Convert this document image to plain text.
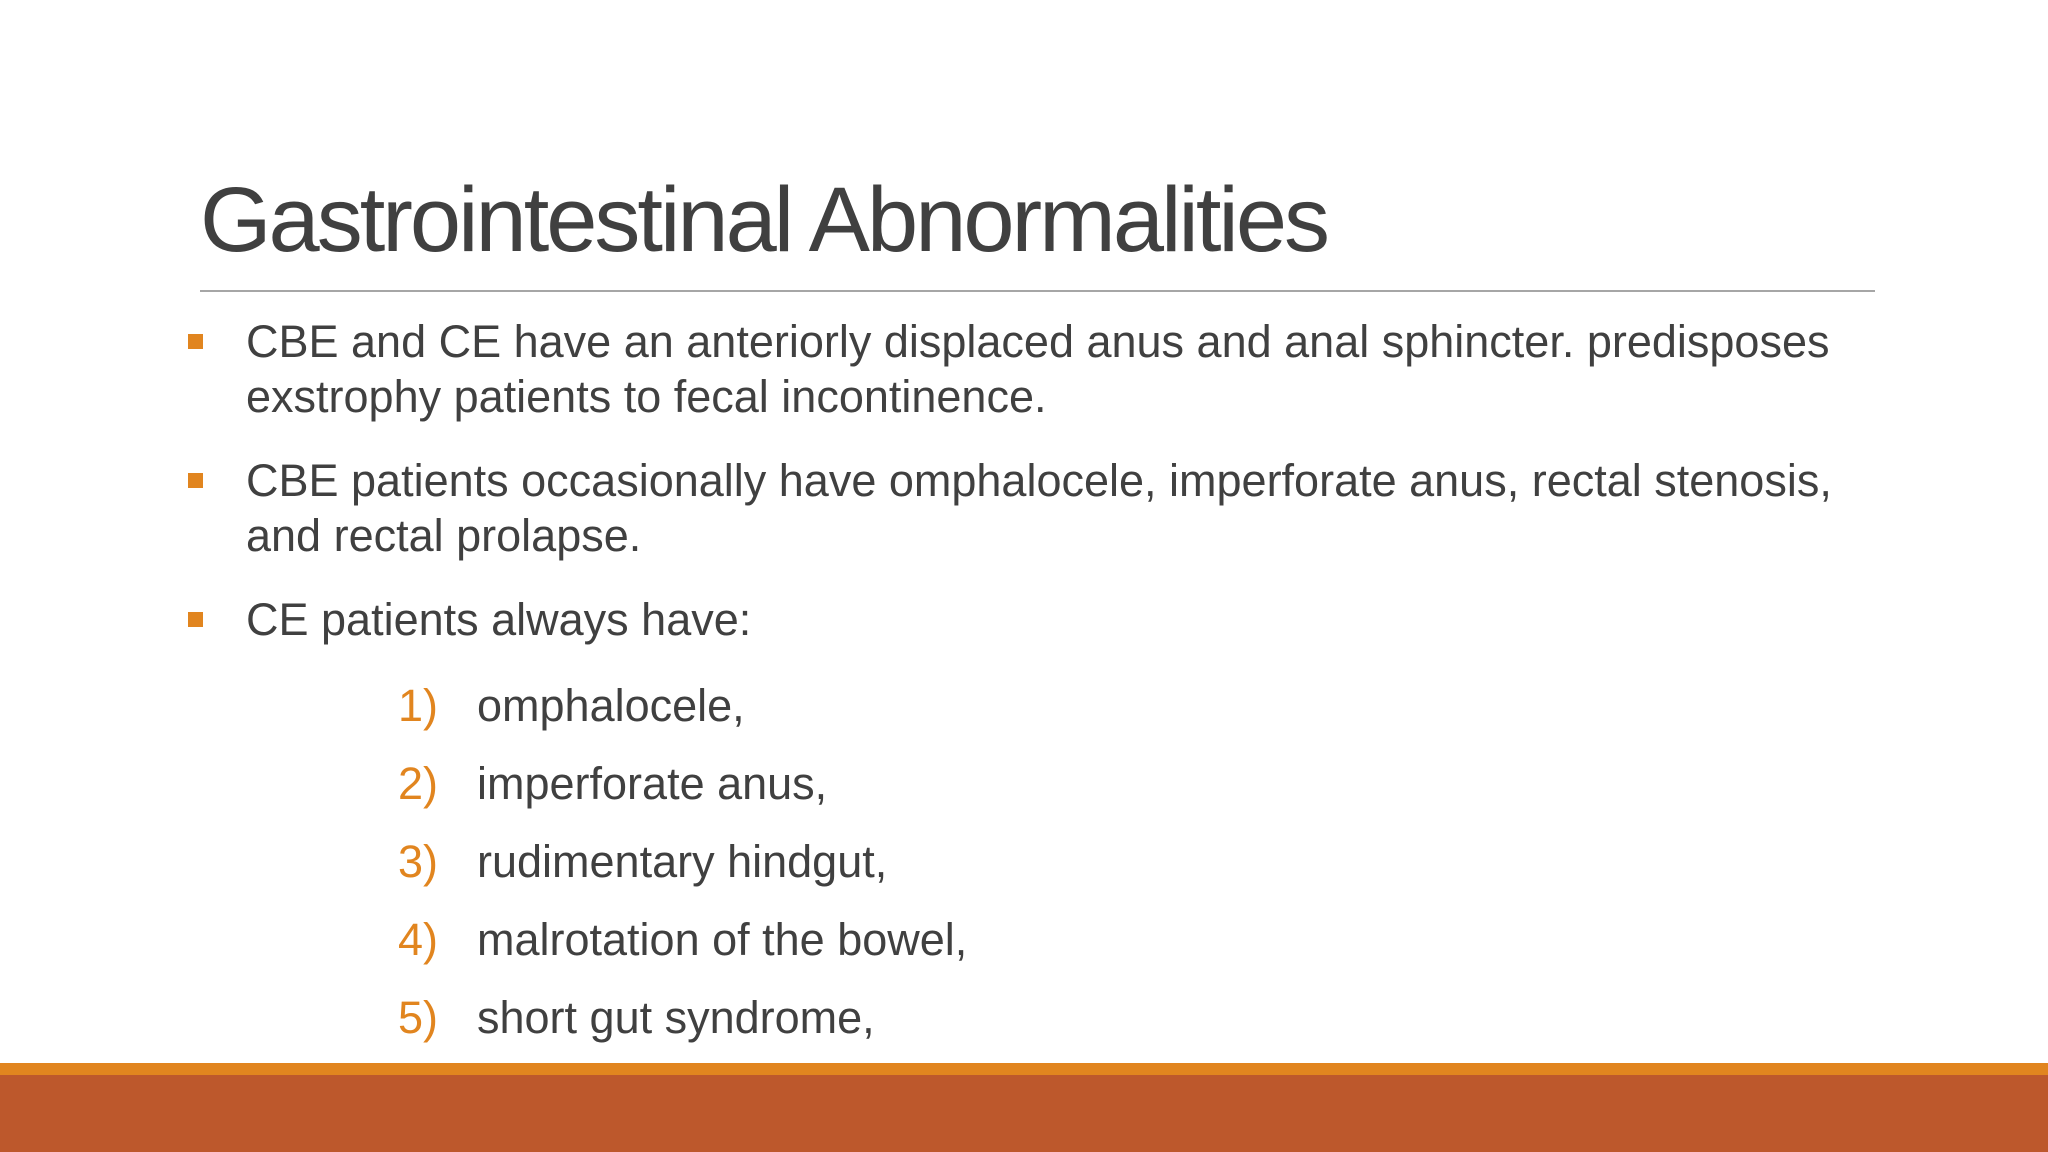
Gastrointestinal Abnormalities
CBE and CE have an anteriorly displaced anus and anal sphincter. predisposes exstrophy patients to fecal incontinence.
CBE patients occasionally have omphalocele, imperforate anus, rectal stenosis, and rectal prolapse.
CE patients always have:
1) omphalocele,
2) imperforate anus,
3) rudimentary hindgut,
4) malrotation of the bowel,
5) short gut syndrome,
